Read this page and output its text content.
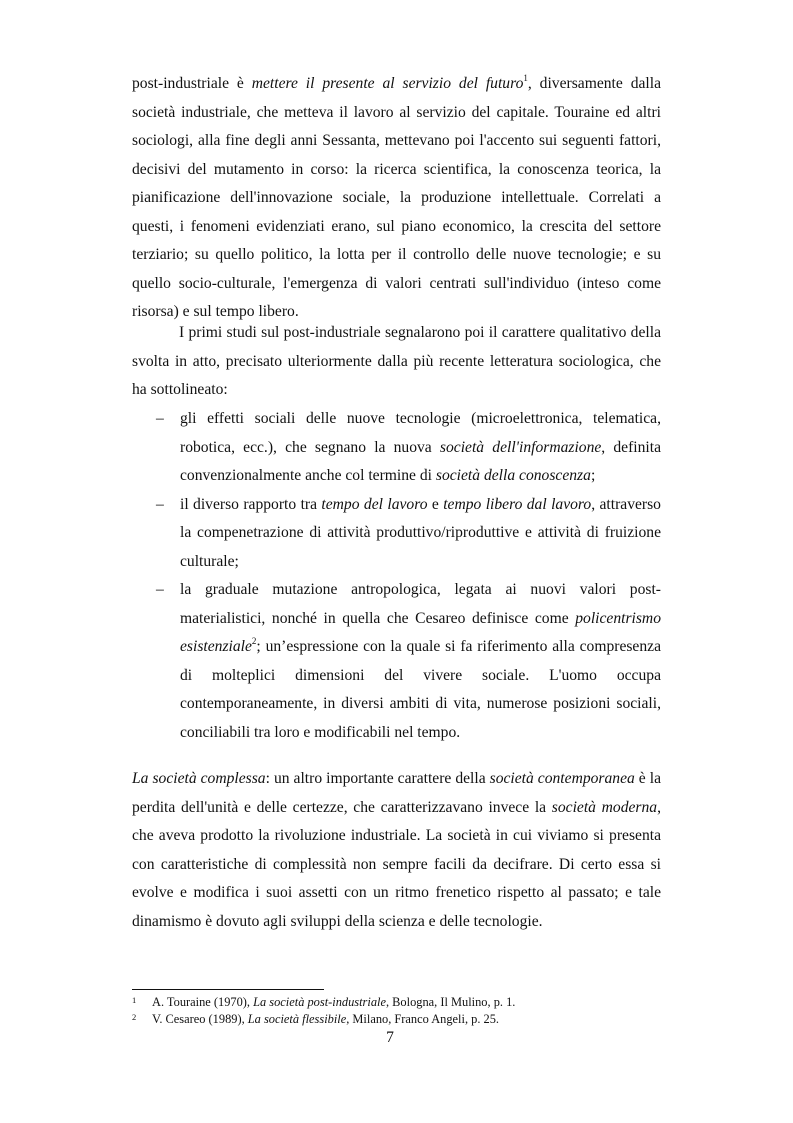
post-industriale è mettere il presente al servizio del futuro$^1$, diversamente dalla società industriale, che metteva il lavoro al servizio del capitale. Touraine ed altri sociologi, alla fine degli anni Sessanta, mettevano poi l'accento sui seguenti fattori, decisivi del mutamento in corso: la ricerca scientifica, la conoscenza teorica, la pianificazione dell'innovazione sociale, la produzione intellettuale. Correlati a questi, i fenomeni evidenziati erano, sul piano economico, la crescita del settore terziario; su quello politico, la lotta per il controllo delle nuove tecnologie; e su quello socio-culturale, l'emergenza di valori centrati sull'individuo (inteso come risorsa) e sul tempo libero.

I primi studi sul post-industriale segnalarono poi il carattere qualitativo della svolta in atto, precisato ulteriormente dalla più recente letteratura sociologica, che ha sottolineato:

– gli effetti sociali delle nuove tecnologie (microelettronica, telematica, robotica, ecc.), che segnano la nuova società dell'informazione, definita convenzionalmente anche col termine di società della conoscenza;
– il diverso rapporto tra tempo del lavoro e tempo libero dal lavoro, attraverso la compenetrazione di attività produttivo/riproduttive e attività di fruizione culturale;
– la graduale mutazione antropologica, legata ai nuovi valori post-materialistici, nonché in quella che Cesareo definisce come policentrismo esistenziale$^2$; un’espressione con la quale si fa riferimento alla compresenza di molteplici dimensioni del vivere sociale. L'uomo occupa contemporaneamente, in diversi ambiti di vita, numerose posizioni sociali, conciliabili tra loro e modificabili nel tempo.

La società complessa: un altro importante carattere della società contemporanea è la perdita dell'unità e delle certezze, che caratterizzavano invece la società moderna, che aveva prodotto la rivoluzione industriale. La società in cui viviamo si presenta con caratteristiche di complessità non sempre facili da decifrare. Di certo essa si evolve e modifica i suoi assetti con un ritmo frenetico rispetto al passato; e tale dinamismo è dovuto agli sviluppi della scienza e delle tecnologie.

1 A. Touraine (1970), La società post-industriale, Bologna, Il Mulino, p. 1.
2 V. Cesareo (1989), La società flessibile, Milano, Franco Angeli, p. 25.
7
